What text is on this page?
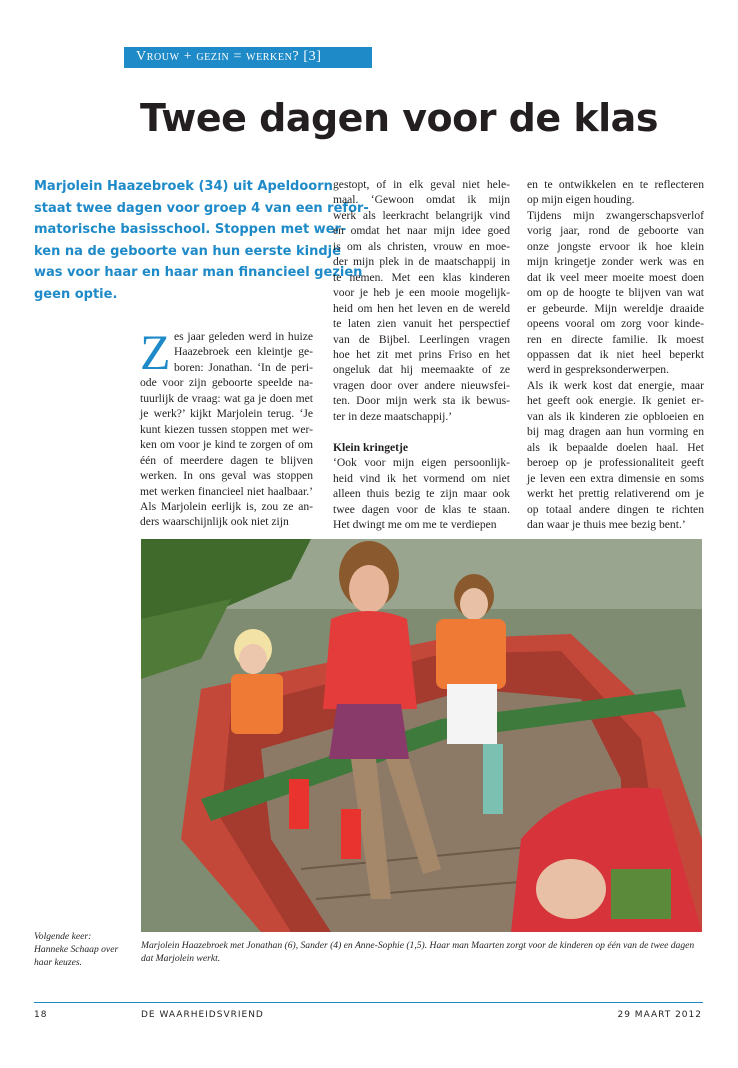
Vrouw + gezin = werken? [3]
Twee dagen voor de klas
Marjolein Haazebroek (34) uit Apeldoorn
staat twee dagen voor groep 4 van een refor-
matorische basisschool. Stoppen met wer-
ken na de geboorte van hun eerste kindje
was voor haar en haar man financieel gezien
geen optie.
Z es jaar geleden werd in huize
Haazebroek een kleintje ge-
boren: Jonathan. ‘In de peri-
ode voor zijn geboorte speelde na-
tuurlijk de vraag: wat ga je doen met
je werk?’ kijkt Marjolein terug. ‘Je
kunt kiezen tussen stoppen met wer-
ken om voor je kind te zorgen of om
één of meerdere dagen te blijven
werken. In ons geval was stoppen
met werken financieel niet haalbaar.’
Als Marjolein eerlijk is, zou ze an-
ders waarschijnlijk ook niet zijn
gestopt, of in elk geval niet hele-
maal. ‘Gewoon omdat ik mijn
werk als leerkracht belangrijk vind
en omdat het naar mijn idee goed
is om als christen, vrouw en moe-
der mijn plek in de maatschappij in
te nemen. Met een klas kinderen
voor je heb je een mooie mogelijk-
heid om hen het leven en de wereld
te laten zien vanuit het perspectief
van de Bijbel. Leerlingen vragen
hoe het zit met prins Friso en het
ongeluk dat hij meemaakte of ze
vragen door over andere nieuwsfei-
ten. Door mijn werk sta ik bewus-
ter in deze maatschappij.’
Klein kringetje
‘Ook voor mijn eigen persoonlijk-
heid vind ik het vormend om niet
alleen thuis bezig te zijn maar ook
twee dagen voor de klas te staan.
Het dwingt me om me te verdiepen
en te ontwikkelen en te reflecteren
op mijn eigen houding.
Tijdens mijn zwangerschapsverlof
vorig jaar, rond de geboorte van
onze jongste ervoor ik hoe klein
mijn kringetje zonder werk was en
dat ik veel meer moeite moest doen
om op de hoogte te blijven van wat
er gebeurde. Mijn wereldje draaide
opeens vooral om zorg voor kinde-
ren en directe familie. Ik moest
oppassen dat ik niet heel beperkt
werd in gespreksonderwerpen.
Als ik werk kost dat energie, maar
het geeft ook energie. Ik geniet er-
van als ik kinderen zie opbloeien en
bij mag dragen aan hun vorming en
als ik bepaalde doelen haal. Het
beroep op je professionaliteit geeft
je leven een extra dimensie en soms
werkt het prettig relativerend om je
op totaal andere dingen te richten
dan waar je thuis mee bezig bent.’
Volgende keer:
Hanneke Schaap over
haar keuzes.
Marjolein Haazebroek met Jonathan (6), Sander (4) en Anne-Sophie (1,5). Haar man Maarten zorgt voor de kinderen op één van de twee dagen dat Marjolein werkt.
18	DE WAARHEIDSVRIEND	29 MAART 2012
